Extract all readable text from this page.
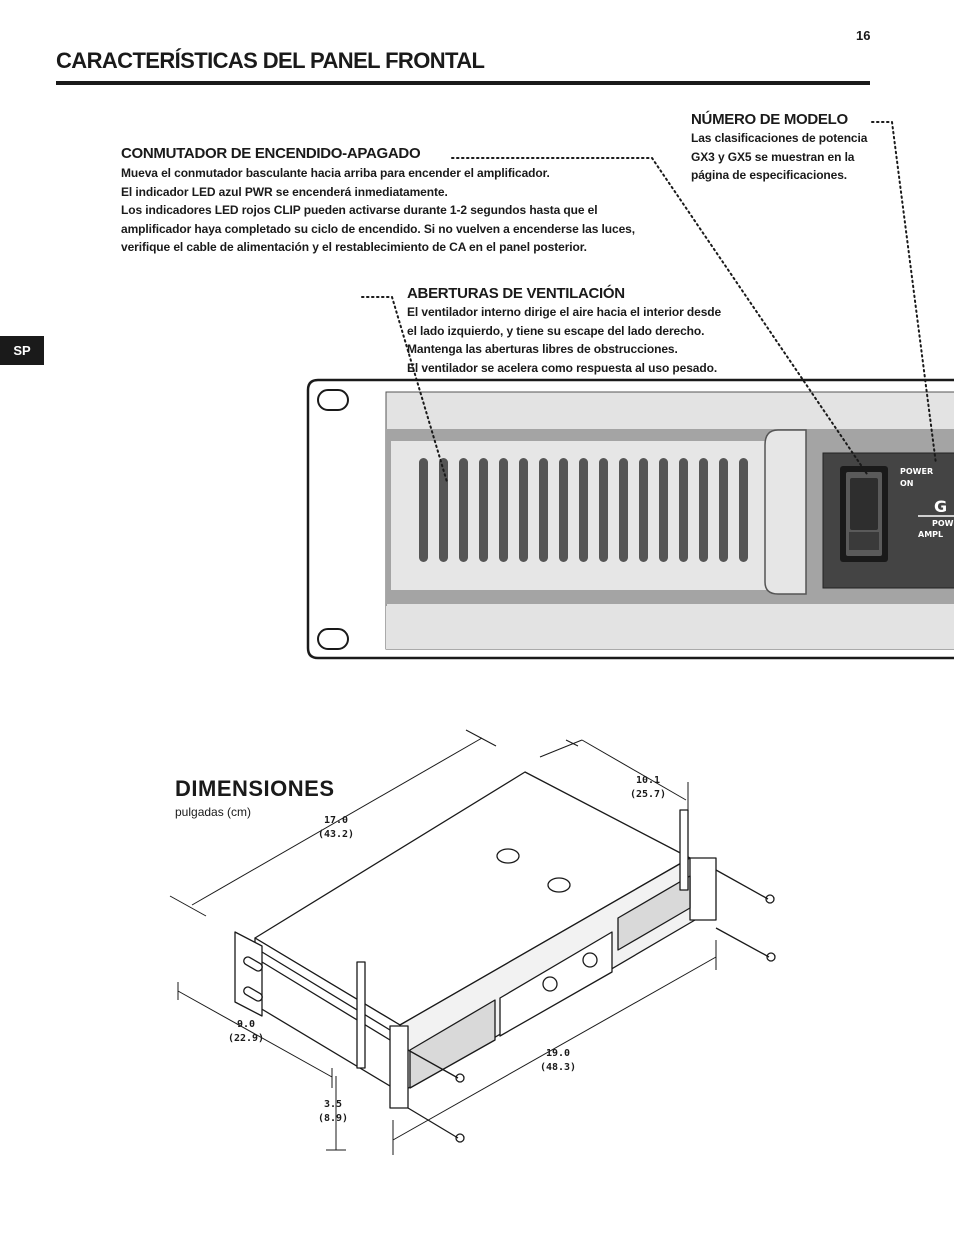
16
CARACTERÍSTICAS DEL PANEL FRONTAL
SP
CONMUTADOR DE ENCENDIDO-APAGADO
Mueva el conmutador basculante hacia arriba para encender el amplificador.
El indicador LED azul PWR se encenderá inmediatamente.
Los indicadores LED rojos CLIP pueden activarse durante 1-2 segundos hasta que el
amplificador haya completado su ciclo de encendido. Si no vuelven a encenderse las luces,
verifique el cable de alimentación y el restablecimiento de CA en el panel posterior.
NÚMERO DE MODELO
Las clasificaciones de potencia
GX3 y GX5 se muestran en la
página de especificaciones.
ABERTURAS DE VENTILACIÓN
El ventilador interno dirige el aire hacia el interior desde
el lado izquierdo, y tiene su escape del lado derecho.
Mantenga las aberturas libres de obstrucciones.
El ventilador se acelera como respuesta al uso pesado.
POWER
ON
G
POW
AMPL
DIMENSIONES
pulgadas (cm)
17.0
(43.2)
10.1
(25.7)
9.0
(22.9)
3.5
(8.9)
19.0
(48.3)
